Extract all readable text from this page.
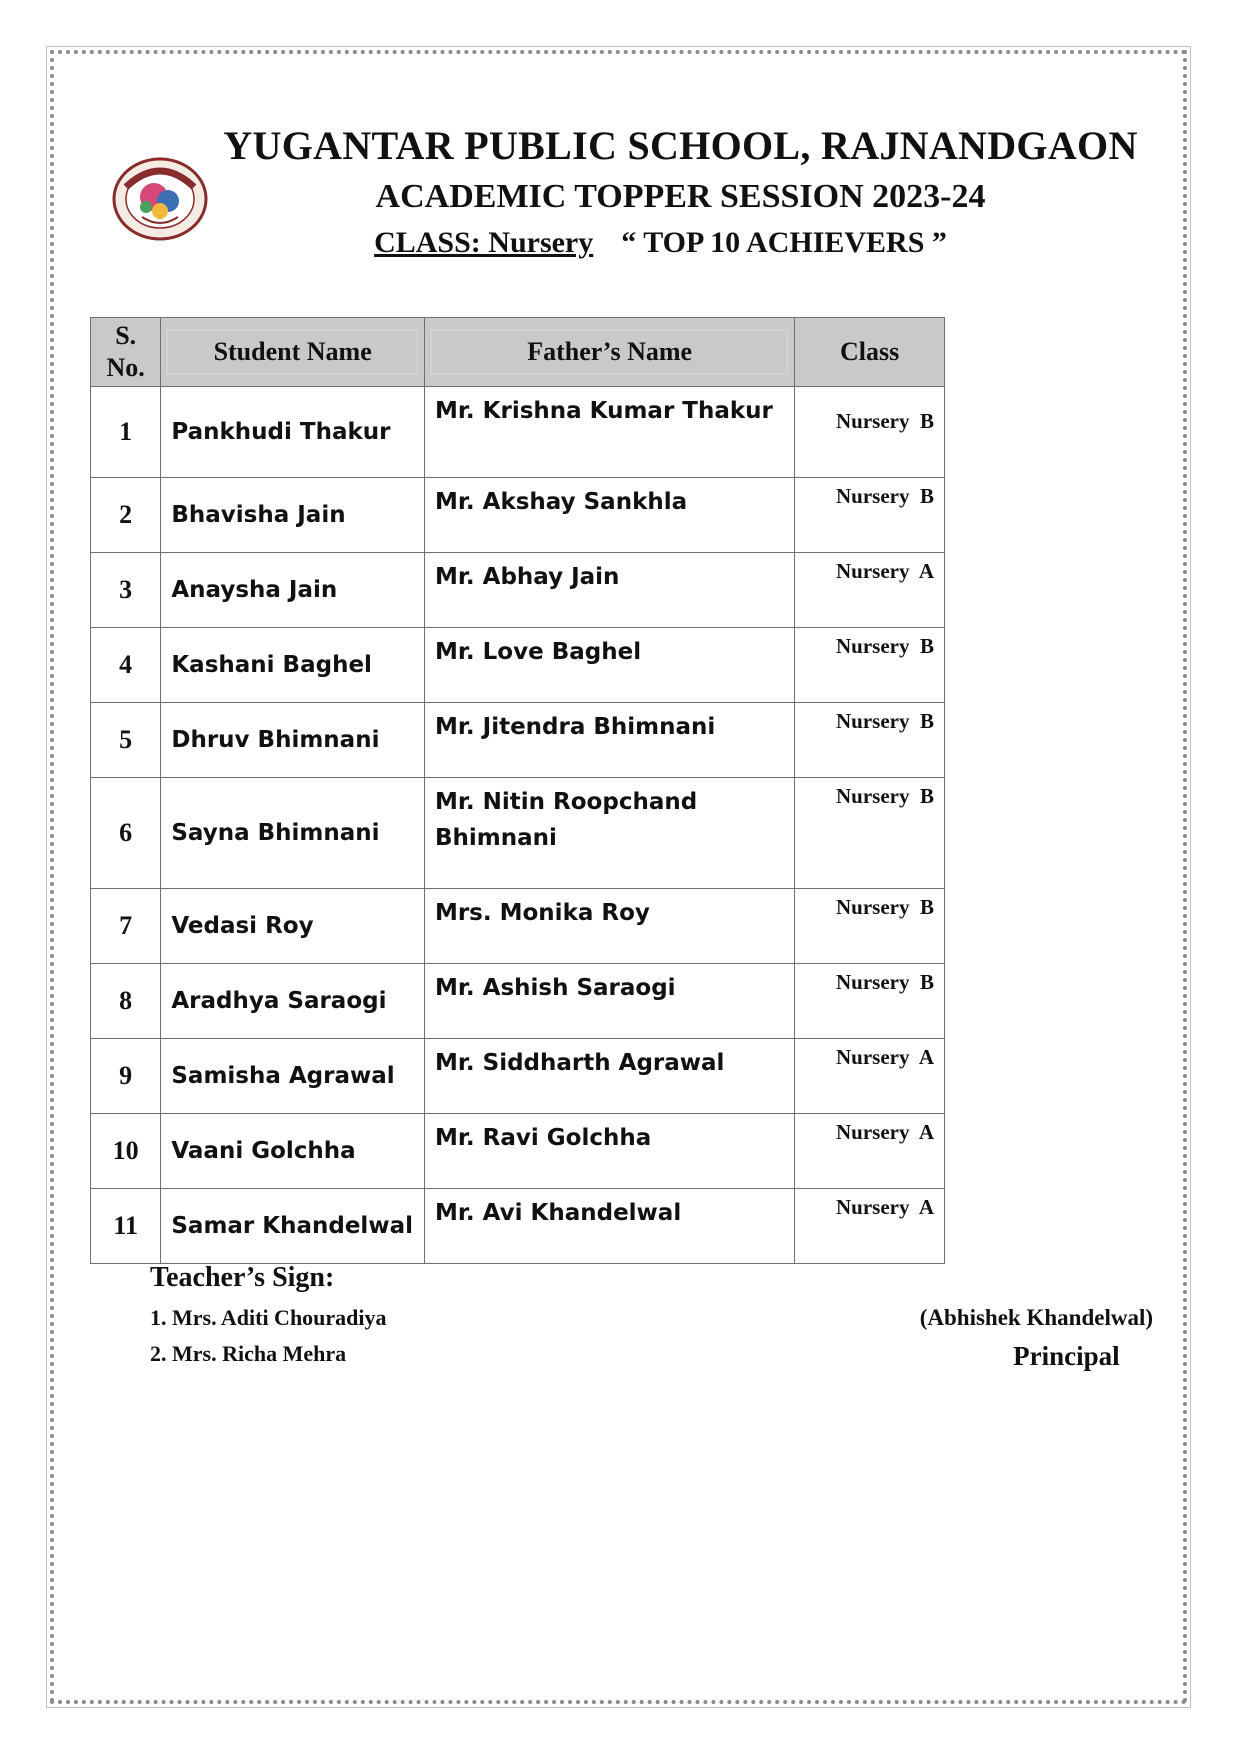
YUGANTAR PUBLIC SCHOOL, RAJNANDGAON
ACADEMIC TOPPER SESSION 2023-24
CLASS: Nursery “ TOP 10 ACHIEVERS ”
S. No.	Student Name	Father’s Name	Class

1	Pankhudi Thakur	Mr. Krishna Kumar Thakur	Nursery  B
2	Bhavisha Jain	Mr. Akshay Sankhla	Nursery  B
3	Anaysha Jain	Mr. Abhay Jain	Nursery  A
4	Kashani Baghel	Mr. Love Baghel	Nursery  B
5	Dhruv Bhimnani	Mr. Jitendra Bhimnani	Nursery  B
6	Sayna Bhimnani	Mr. Nitin Roopchand Bhimnani	Nursery  B
7	Vedasi Roy	Mrs. Monika Roy	Nursery  B
8	Aradhya Saraogi	Mr. Ashish Saraogi	Nursery  B
9	Samisha Agrawal	Mr. Siddharth Agrawal	Nursery  A
10	Vaani Golchha	Mr. Ravi Golchha	Nursery  A
11	Samar Khandelwal	Mr. Avi Khandelwal	Nursery  A
Teacher’s Sign:
1. Mrs. Aditi Chouradiya
2. Mrs. Richa Mehra
(Abhishek Khandelwal)
Principal
